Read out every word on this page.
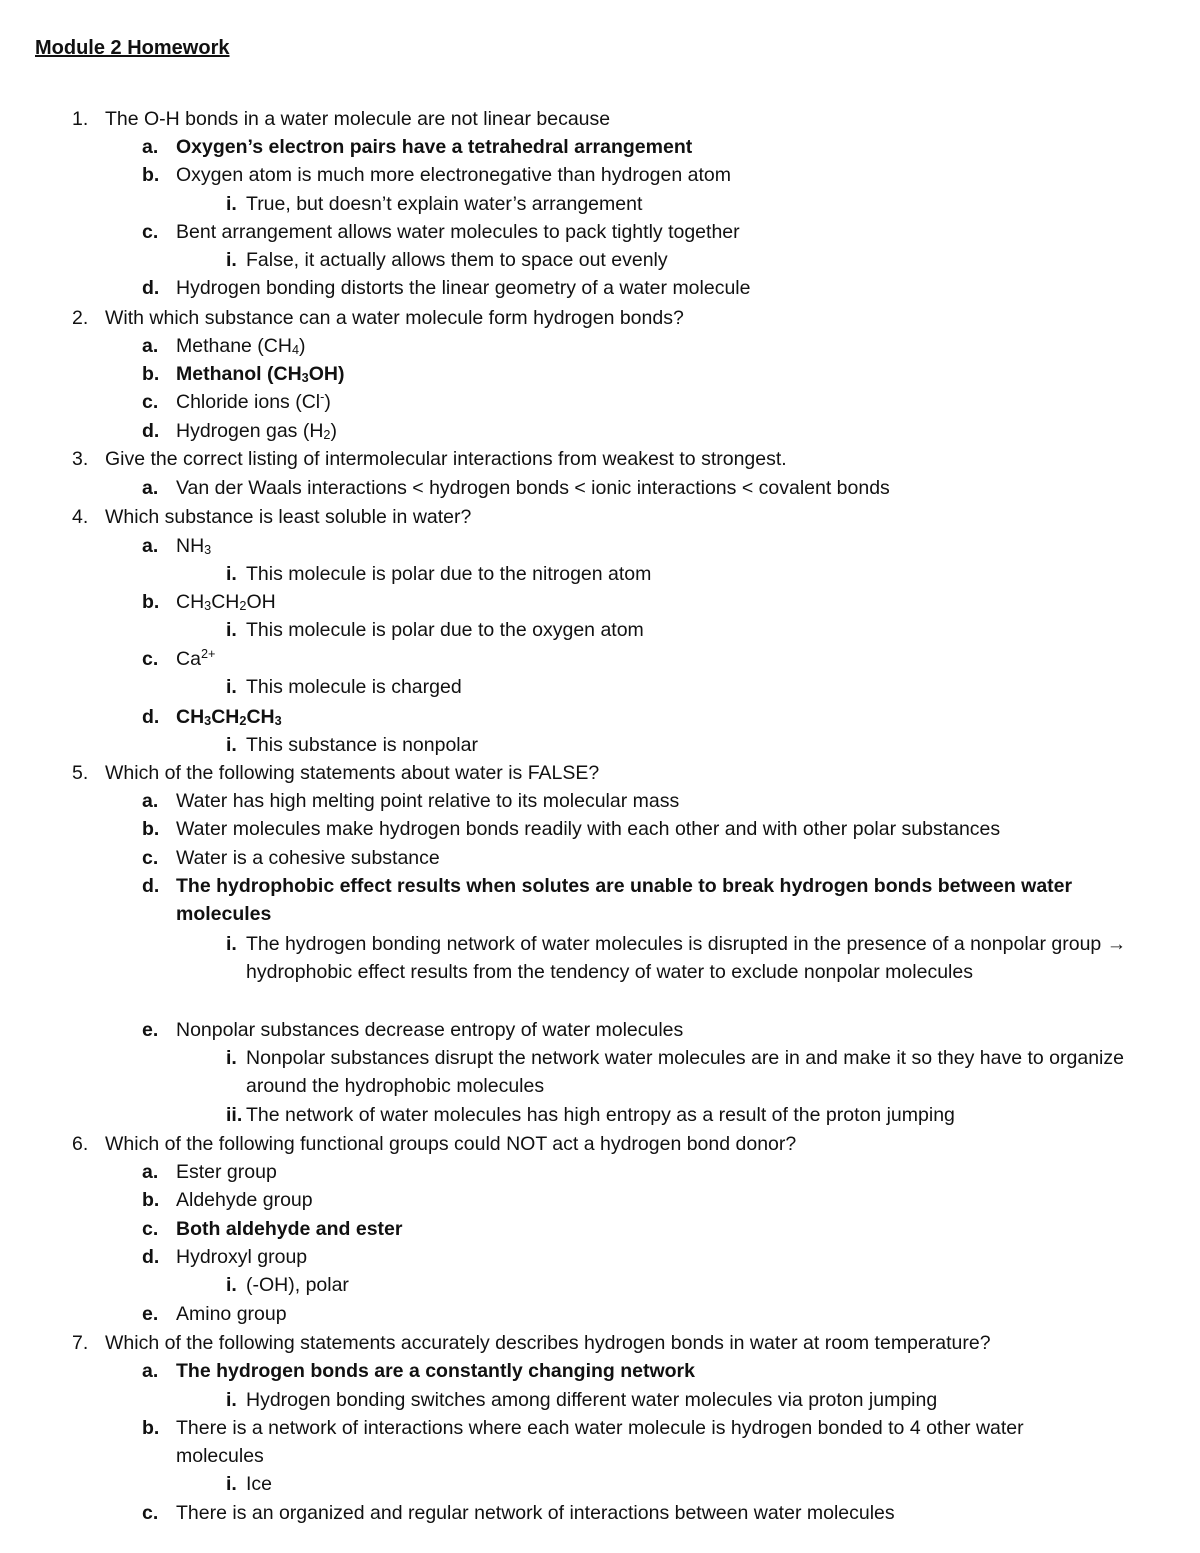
Module 2 Homework
1. The O-H bonds in a water molecule are not linear because
a. Oxygen’s electron pairs have a tetrahedral arrangement
b. Oxygen atom is much more electronegative than hydrogen atom
i. True, but doesn’t explain water’s arrangement
c. Bent arrangement allows water molecules to pack tightly together
i. False, it actually allows them to space out evenly
d. Hydrogen bonding distorts the linear geometry of a water molecule
2. With which substance can a water molecule form hydrogen bonds?
a. Methane $(CH_4)$
b. Methanol $(CH_3OH)$
c. Chloride ions (Cl-)
d. Hydrogen gas $(H_2)$
3. Give the correct listing of intermolecular interactions from weakest to strongest.
a. Van der Waals interactions < hydrogen bonds < ionic interactions < covalent bonds
4. Which substance is least soluble in water?
a. $NH_3$
i. This molecule is polar due to the nitrogen atom
b. $CH_3CH_2OH$
i. This molecule is polar due to the oxygen atom
c. $Ca^{2+}$
i. This molecule is charged
d. $CH_3CH_2CH_3$
i. This substance is nonpolar
5. Which of the following statements about water is FALSE?
a. Water has high melting point relative to its molecular mass
b. Water molecules make hydrogen bonds readily with each other and with other polar substances
c. Water is a cohesive substance
d. The hydrophobic effect results when solutes are unable to break hydrogen bonds between water molecules
i. The hydrogen bonding network of water molecules is disrupted in the presence of a nonpolar group → hydrophobic effect results from the tendency of water to exclude nonpolar molecules
e. Nonpolar substances decrease entropy of water molecules
i. Nonpolar substances disrupt the network water molecules are in and make it so they have to organize around the hydrophobic molecules
ii. The network of water molecules has high entropy as a result of the proton jumping
6. Which of the following functional groups could NOT act a hydrogen bond donor?
a. Ester group
b. Aldehyde group
c. Both aldehyde and ester
d. Hydroxyl group
i. (-OH), polar
e. Amino group
7. Which of the following statements accurately describes hydrogen bonds in water at room temperature?
a. The hydrogen bonds are a constantly changing network
i. Hydrogen bonding switches among different water molecules via proton jumping
b. There is a network of interactions where each water molecule is hydrogen bonded to 4 other water molecules
i. Ice
c. There is an organized and regular network of interactions between water molecules
